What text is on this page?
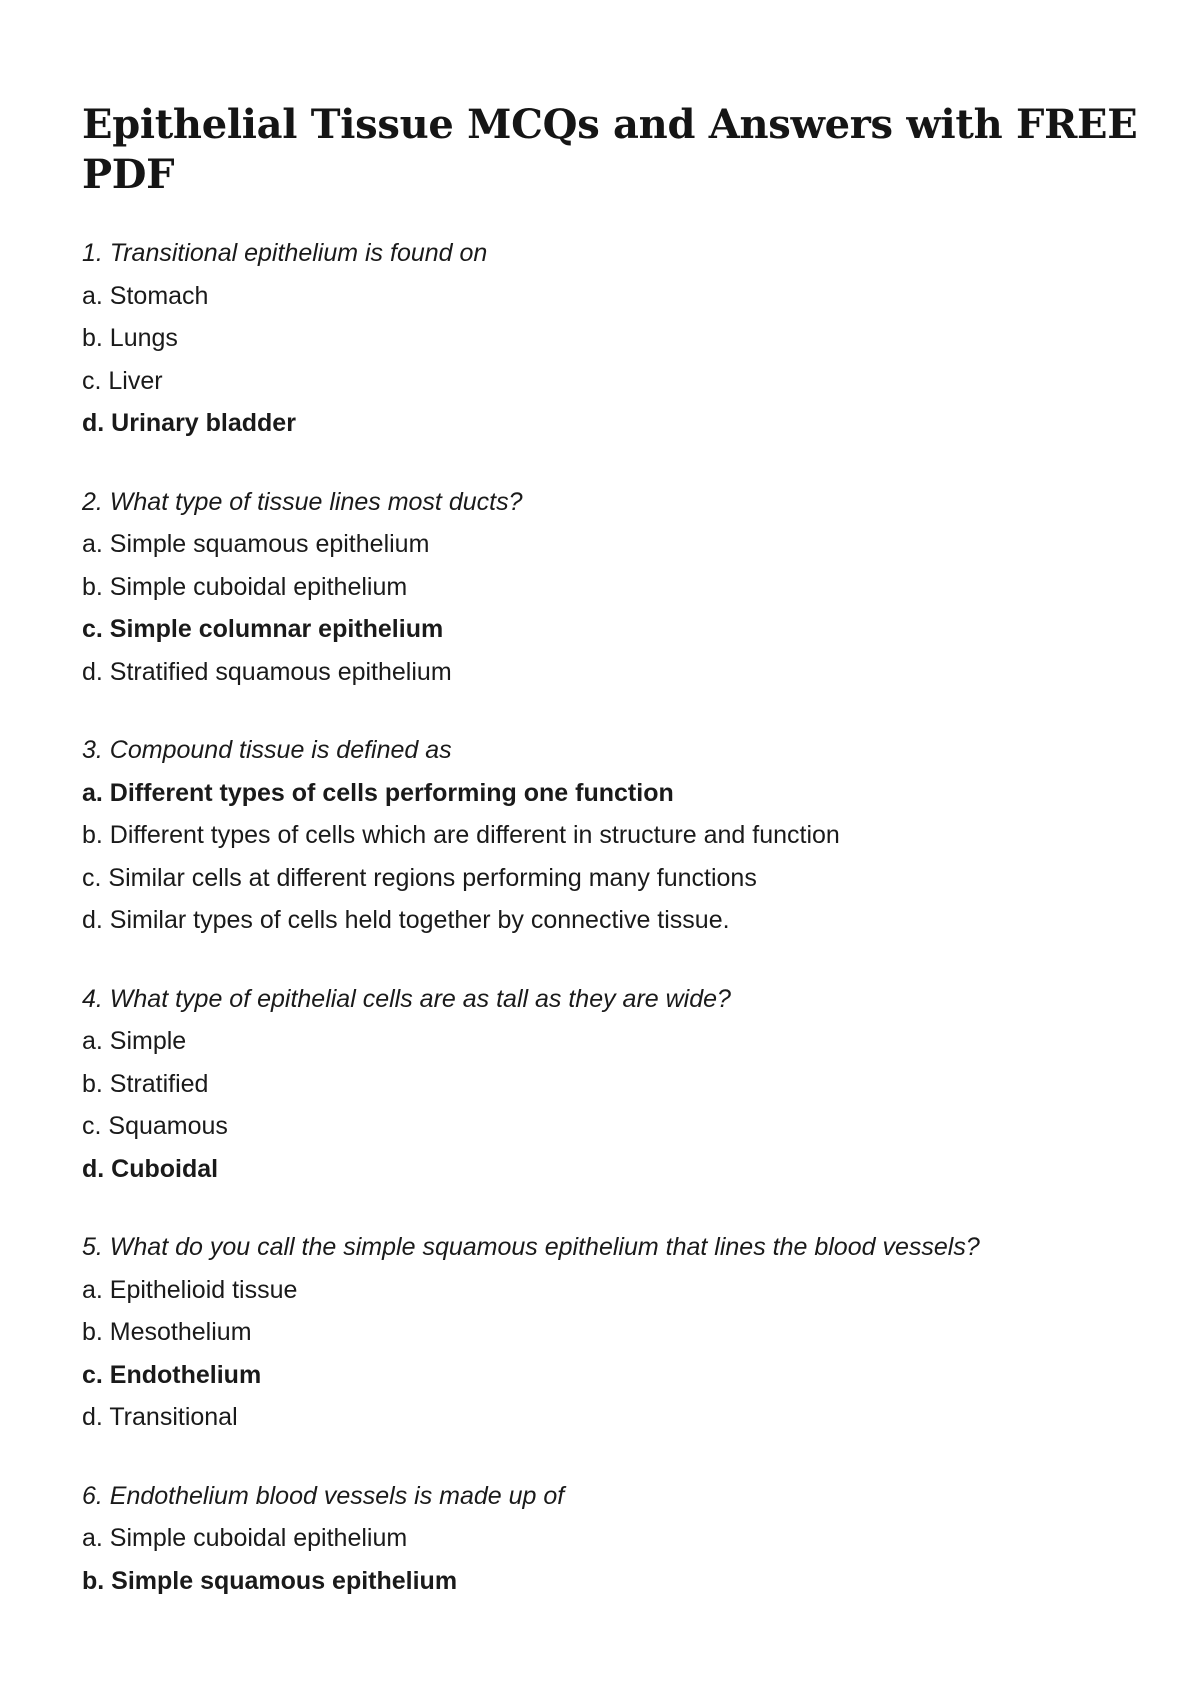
Epithelial Tissue MCQs and Answers with FREE PDF
1. Transitional epithelium is found on
a. Stomach
b. Lungs
c. Liver
d. Urinary bladder
2. What type of tissue lines most ducts?
a. Simple squamous epithelium
b. Simple cuboidal epithelium
c. Simple columnar epithelium
d. Stratified squamous epithelium
3. Compound tissue is defined as
a. Different types of cells performing one function
b. Different types of cells which are different in structure and function
c. Similar cells at different regions performing many functions
d. Similar types of cells held together by connective tissue.
4. What type of epithelial cells are as tall as they are wide?
a. Simple
b. Stratified
c. Squamous
d. Cuboidal
5. What do you call the simple squamous epithelium that lines the blood vessels?
a. Epithelioid tissue
b. Mesothelium
c. Endothelium
d. Transitional
6. Endothelium blood vessels is made up of
a. Simple cuboidal epithelium
b. Simple squamous epithelium
